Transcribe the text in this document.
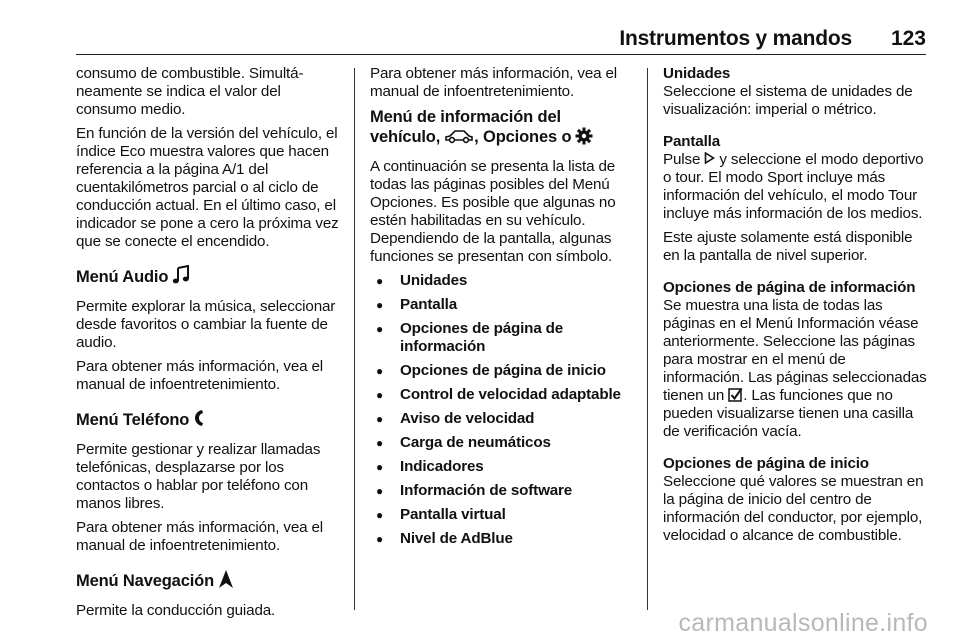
Instrumentos y mandos 123

consumo de combustible. Simultáneamente se indica el valor del consumo medio.

En función de la versión del vehículo, el índice Eco muestra valores que hacen referencia a la página A/1 del cuentakilómetros parcial o al ciclo de conducción actual. En el último caso, el indicador se pone a cero la próxima vez que se conecte el encendido.

Menú Audio

Permite explorar la música, seleccionar desde favoritos o cambiar la fuente de audio.

Para obtener más información, vea el manual de infoentretenimiento.

Menú Teléfono

Permite gestionar y realizar llamadas telefónicas, desplazarse por los contactos o hablar por teléfono con manos libres.

Para obtener más información, vea el manual de infoentretenimiento.

Menú Navegación

Permite la conducción guiada.

Para obtener más información, vea el manual de infoentretenimiento.

Menú de información del
vehículo, , Opciones o

A continuación se presenta la lista de todas las páginas posibles del Menú Opciones. Es posible que algunas no estén habilitadas en su vehículo. Dependiendo de la pantalla, algunas funciones se presentan con símbolo.

● Unidades
● Pantalla
● Opciones de página de información
● Opciones de página de inicio
● Control de velocidad adaptable
● Aviso de velocidad
● Carga de neumáticos
● Indicadores
● Información de software
● Pantalla virtual
● Nivel de AdBlue

Unidades

Seleccione el sistema de unidades de visualización: imperial o métrico.

Pantalla

Pulse y seleccione el modo deportivo o tour. El modo Sport incluye más información del vehículo, el modo Tour incluye más información de los medios.

Este ajuste solamente está disponible en la pantalla de nivel superior.

Opciones de página de información

Se muestra una lista de todas las páginas en el Menú Información véase anteriormente. Seleccione las páginas para mostrar en el menú de información. Las páginas seleccionadas tienen un . Las funciones que no pueden visualizarse tienen una casilla de verificación vacía.

Opciones de página de inicio

Seleccione qué valores se muestran en la página de inicio del centro de información del conductor, por ejemplo, velocidad o alcance de combustible.

carmanualsonline.info
